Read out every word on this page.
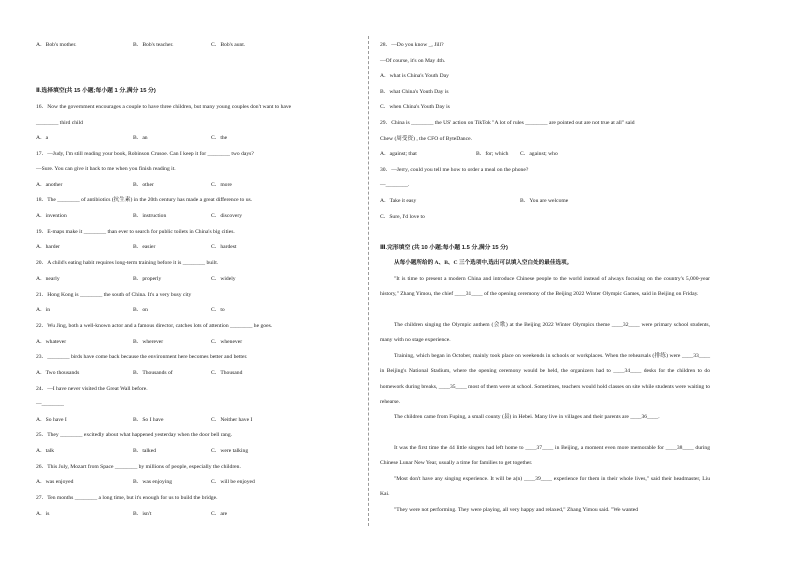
A．Bob's mother.	B．Bob's teacher.	C．Bob's aunt.
Ⅱ.选择填空(共 15 小题;每小题 1 分,满分 15 分)
16．Now the government encourages a couple to have three children, but many young couples don't want to have
________ third child
A．a	B．an	C．the
17．—Judy, I'm still reading your book, Robinson Crusoe. Can I keep it for ________ two days?
—Sure. You can give it back to me when you finish reading it.
A．another	B．other	C．more
18．The ________ of antibiotics (抗生素) in the 20th century has made a great difference to us.
A．invention	B．instruction	C．discovery
19．E-maps make it ________ than ever to search for public toilets in China's big cities.
A．harder	B．easier	C．hardest
20．A child's eating habit requires long-term training before it is ________ built.
A．nearly	B．properly	C．widely
21．Hong Kong is ________ the south of China. It's a very busy city
A．in	B．on	C．to
22．Wu Jing, both a well-known actor and a famous director, catches lots of attention ________ he goes.
A．whatever	B．wherever	C．whenever
23．________ birds have come back because the environment here becomes better and better.
A．Two thousands	B．Thousands of	C．Thousand
24．—I have never visited the Great Wall before.
—________
A．So have I	B．So I have	C．Neither have I
25．They ________ excitedly about what happened yesterday when the door bell rang.
A．talk	B．talked	C．were talking
26．This July, Mozart from Space ________ by millions of people, especially the children.
A．was enjoyed	B．was enjoying	C．will be enjoyed
27．Ten months ________ a long time, but it's enough for us to build the bridge.
A．is	B．isn't	C．are
28．—Do you know _, Jill?
—Of course, it's on May 4th.
A．what is China's Youth Day
B．what China's Youth Day is
C．when China's Youth Day is
29．China is ________ the US' action on TikTok "A lot of rules ________ are pointed out are not true at all" said
Chew (周受资) , the CFO of ByteDance.
A．against; that	B．for; which C．against; who
30．—Jerry, could you tell me how to order a meal on the phone?
—________.
A．Take it easy	B．You are welcome
C．Sure, I'd love to
Ⅲ.完形填空 (共 10 小题;每小题 1.5 分,满分 15 分)
从每小题所给的 A、B、C 三个选项中,选出可以填入空白处的最佳选项。
"It is time to present a modern China and introduce Chinese people to the world instead of always focusing on the country's 5,000-year history," Zhang Yimou, the chief ____31____ of the opening ceremony of the Beijing 2022 Winter Olympic Games, said in Beijing on Friday.
The children singing the Olympic anthem (会歌) at the Beijing 2022 Winter Olympics theme ____32____ were primary school students, many with no stage experience.
Training, which began in October, mainly took place on weekends in schools or workplaces. When the rehearsals (排练) were ____33____ in Beijing's National Stadium, where the opening ceremony would be held, the organizers had to ____34____ desks for the children to do homework during breaks, ____35____ most of them were at school. Sometimes, teachers would hold classes on site while students were waiting to rehearse.
The children came from Fuping, a small county (县) in Hebei. Many live in villages and their parents are ____36____.
It was the first time the 44 little singers had left home to ____37____ in Beijing, a moment even more memorable for ____38____ during Chinese Lunar New Year, usually a time for families to get together.
"Most don't have any singing experience. It will be a(n) ____39____ experience for them in their whole lives," said their headmaster, Liu Kai.
"They were not performing. They were playing, all very happy and relaxed," Zhang Yimou said. "We wanted
